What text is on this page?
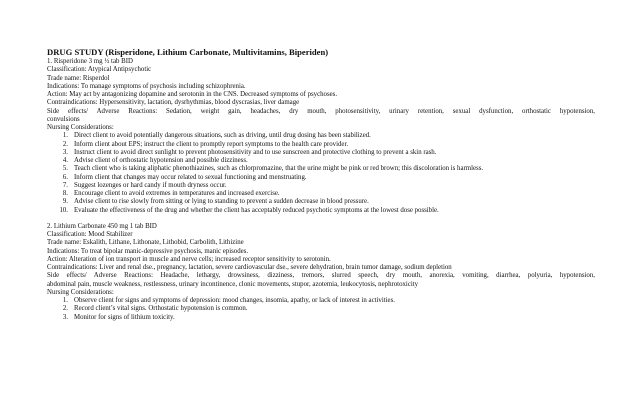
DRUG STUDY (Risperidone, Lithium Carbonate, Multivitamins, Biperiden)
1. Risperidone 3 mg ½ tab BID
Classification: Atypical Antipsychotic
Trade name: Risperdol
Indications: To manage symptoms of psychosis including schizophrenia.
Action: May act by antagonizing dopamine and serotonin in the CNS. Decreased symptoms of psychoses.
Contraindications: Hypersensitivity, lactation, dysrhythmias, blood dyscrasias, liver damage
Side effects/ Adverse Reactions: Sedation, weight gain, headaches, dry mouth, photosensitivity, urinary retention, sexual dysfunction, orthostatic hypotension,
convulsions
Nursing Considerations:
1. Direct client to avoid potentially dangerous situations, such as driving, until drug dosing has been stabilized.
2. Inform client about EPS; instruct the client to promptly report symptoms to the health care provider.
3. Instruct client to avoid direct sunlight to prevent photosensitivity and to use sunscreen and protective clothing to prevent a skin rash.
4. Advise client of orthostatic hypotension and possible dizziness.
5. Teach client who is taking aliphatic phenothiazines, such as chlorpromazine, that the urine might be pink or red brown; this discoloration is harmless.
6. Inform client that changes may occur related to sexual functioning and menstruating.
7. Suggest lozenges or hard candy if mouth dryness occur.
8. Encourage client to avoid extremes in temperatures and increased exercise.
9. Advise client to rise slowly from sitting or lying to standing to prevent a sudden decrease in blood pressure.
10. Evaluate the effectiveness of the drug and whether the client has acceptably reduced psychotic symptoms at the lowest dose possible.
2. Lithium Carbonate 450 mg 1 tab BID
Classification: Mood Stabilizer
Trade name: Eskalith, Lithane, Lithonate, Lithobid, Carbolith, Lithizine
Indications: To treat bipolar manic-depressive psychosis, manic episodes.
Action: Alteration of ion transport in muscle and nerve cells; increased receptor sensitivity to serotonin.
Contraindications: Liver and renal dse., pregnancy, lactation, severe cardiovascular dse., severe dehydration, brain tumor damage, sodium depletion
Side effects/ Adverse Reactions: Headache, lethargy, drowsiness, dizziness, tremors, slurred speech, dry mouth, anorexia, vomiting, diarrhea, polyuria, hypotension,
abdominal pain, muscle weakness, restlessness, urinary incontinence, clonic movements, stupor, azotemia, leukocytosis, nephrotoxicity
Nursing Considerations:
1. Observe client for signs and symptoms of depression: mood changes, insomia, apathy, or lack of interest in activities.
2. Record client’s vital signs. Orthostatic hypotension is common.
3. Monitor for signs of lithium toxicity.
